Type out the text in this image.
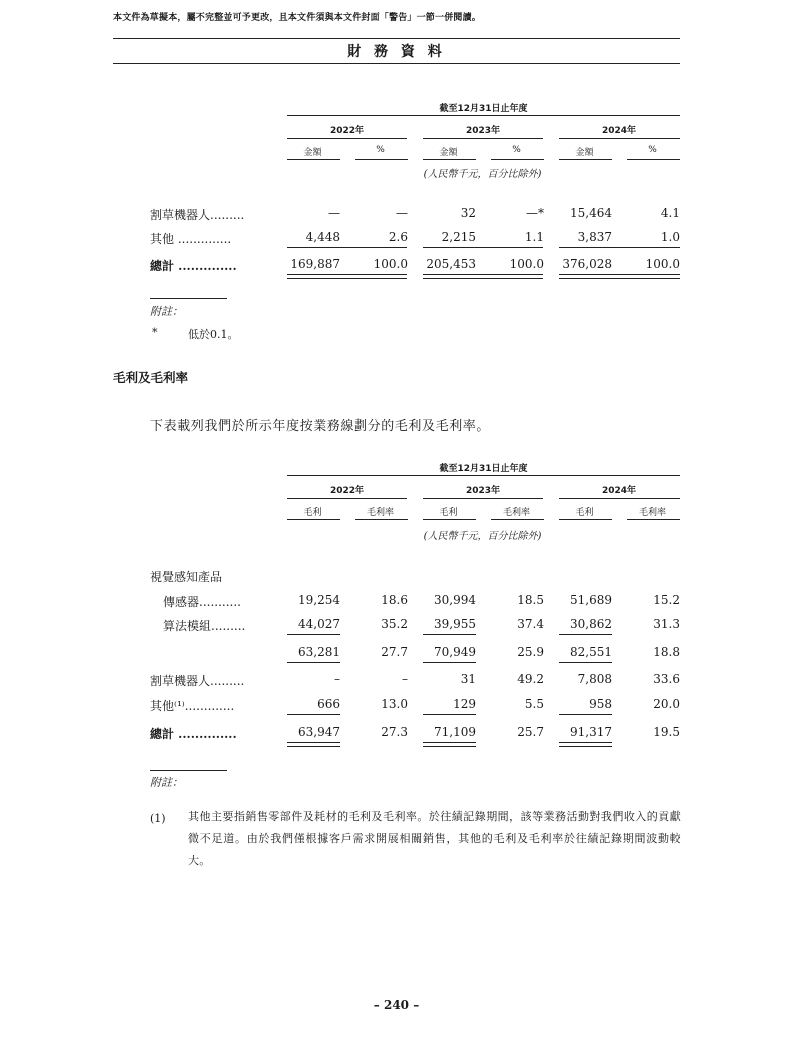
本文件為草擬本，屬不完整並可予更改，且本文件須與本文件封面「警告」一節一併閱讀。
財 務 資 料
截至12月31日止年度
2022年	2023年	2024年
金額	%	金額	%	金額	%
(人民幣千元，百分比除外)
割草機器人.........	—	—	32	—*	15,464	4.1
其他 ..............	4,448	2.6	2,215	1.1	3,837	1.0
總計 ..............	169,887	100.0	205,453	100.0	376,028	100.0
附註：
*	低於0.1。
毛利及毛利率
下表載列我們於所示年度按業務線劃分的毛利及毛利率。
截至12月31日止年度
2022年	2023年	2024年
毛利	毛利率	毛利	毛利率	毛利	毛利率
(人民幣千元，百分比除外)
視覺感知產品
傳感器...........	19,254	18.6	30,994	18.5	51,689	15.2
算法模組.........	44,027	35.2	39,955	37.4	30,862	31.3
63,281	27.7	70,949	25.9	82,551	18.8
割草機器人.........	–	–	31	49.2	7,808	33.6
其他⁽¹⁾.............	666	13.0	129	5.5	958	20.0
總計 ..............	63,947	27.3	71,109	25.7	91,317	19.5
附註：
(1) 其他主要指銷售零部件及耗材的毛利及毛利率。於往績記錄期間，該等業務活動對我們收入的貢獻微不足道。由於我們僅根據客戶需求開展相關銷售，其他的毛利及毛利率於往績記錄期間波動較大。
– 240 –
